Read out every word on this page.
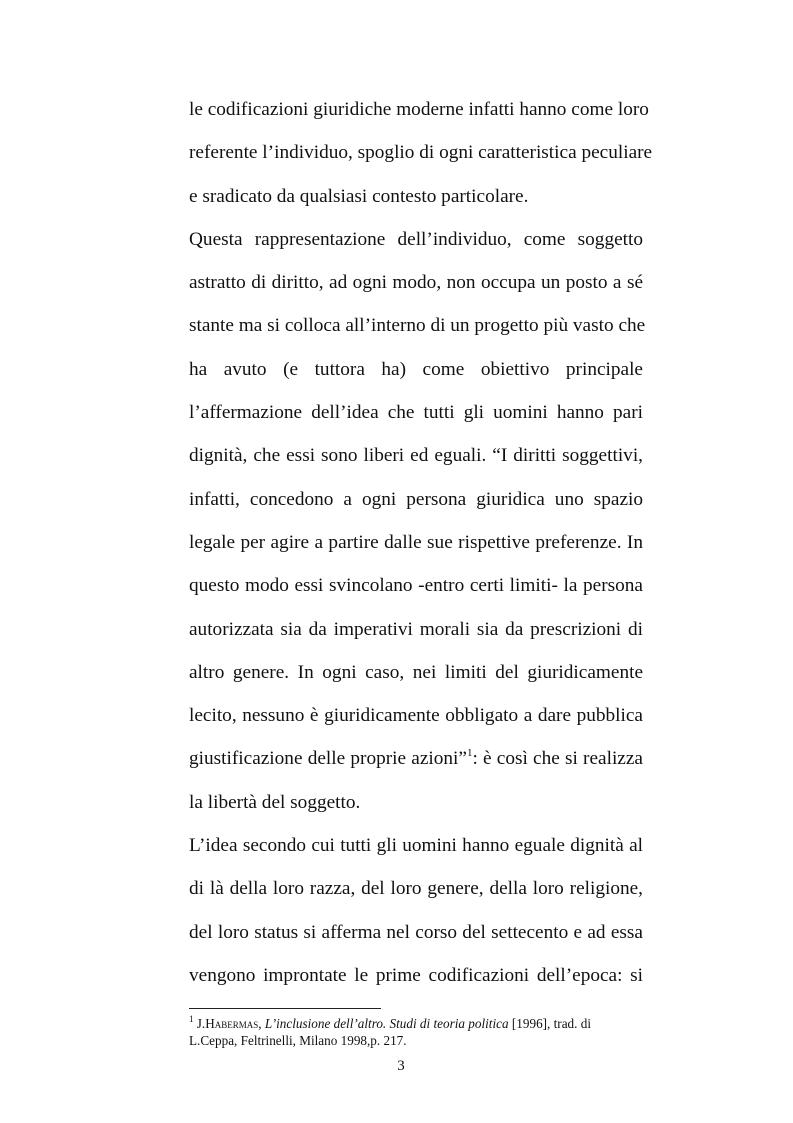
le codificazioni giuridiche moderne infatti hanno come loro
referente l’individuo, spoglio di ogni caratteristica peculiare
e sradicato da qualsiasi contesto particolare.
Questa rappresentazione dell’individuo, come soggetto
astratto di diritto, ad ogni modo, non occupa un posto a sé
stante ma si colloca all’interno di un progetto più vasto che
ha avuto (e tuttora ha) come obiettivo principale
l’affermazione dell’idea che tutti gli uomini hanno pari
dignità, che essi sono liberi ed eguali. “I diritti soggettivi,
infatti, concedono a ogni persona giuridica uno spazio
legale per agire a partire dalle sue rispettive preferenze. In
questo modo essi svincolano -entro certi limiti- la persona
autorizzata sia da imperativi morali sia da prescrizioni di
altro genere. In ogni caso, nei limiti del giuridicamente
lecito, nessuno è giuridicamente obbligato a dare pubblica
giustificazione delle proprie azioni”$^1$: è così che si realizza
la libertà del soggetto.
L’idea secondo cui tutti gli uomini hanno eguale dignità al
di là della loro razza, del loro genere, della loro religione,
del loro status si afferma nel corso del settecento e ad essa
vengono improntate le prime codificazioni dell’epoca: si
$^1$ J.Habermas, L’inclusione dell’altro. Studi di teoria politica [1996], trad. di
L.Ceppa, Feltrinelli, Milano 1998,p. 217.
3
